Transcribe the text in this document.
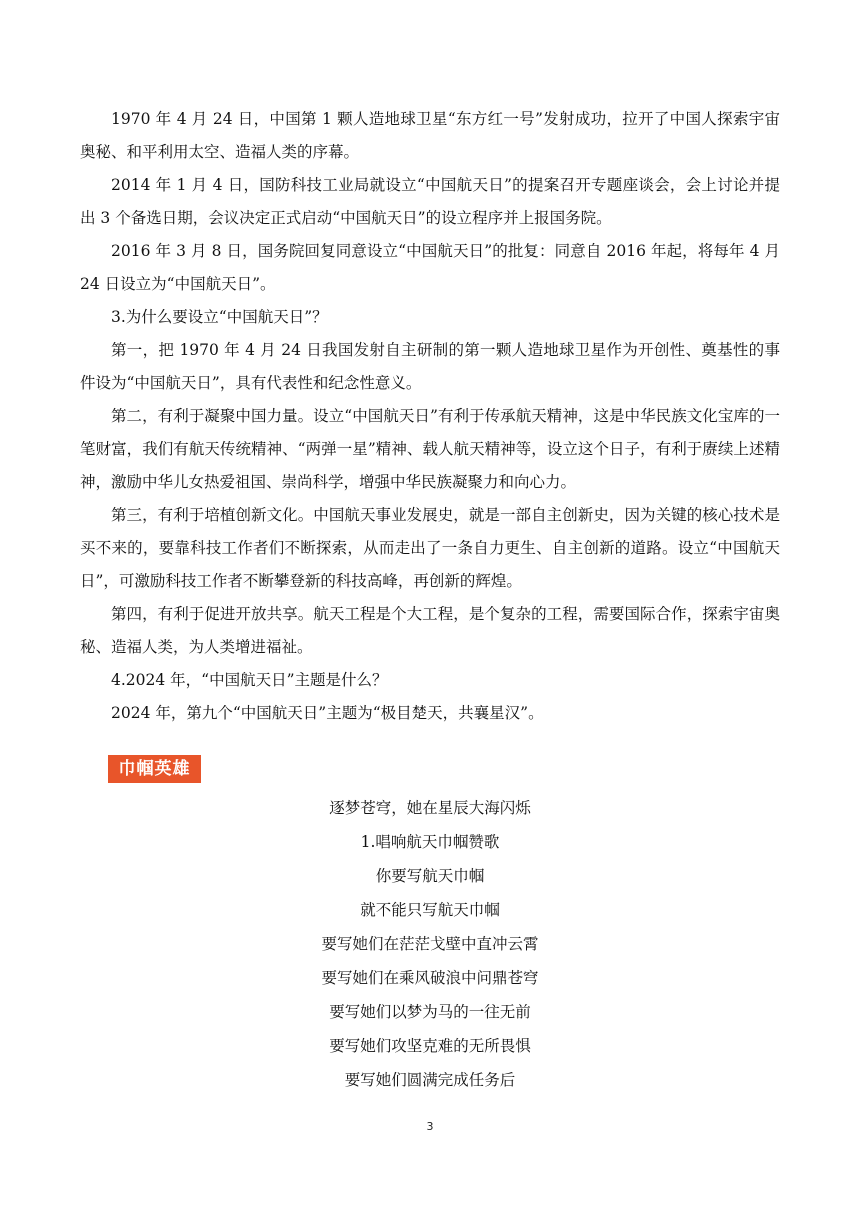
1970 年 4 月 24 日，中国第 1 颗人造地球卫星“东方红一号”发射成功，拉开了中国人探索宇宙奥秘、和平利用太空、造福人类的序幕。

2014 年 1 月 4 日，国防科技工业局就设立“中国航天日”的提案召开专题座谈会，会上讨论并提出 3 个备选日期，会议决定正式启动“中国航天日”的设立程序并上报国务院。

2016 年 3 月 8 日，国务院回复同意设立“中国航天日”的批复：同意自 2016 年起，将每年 4 月 24 日设立为“中国航天日”。

3.为什么要设立“中国航天日”？

第一，把 1970 年 4 月 24 日我国发射自主研制的第一颗人造地球卫星作为开创性、奠基性的事件设为“中国航天日”，具有代表性和纪念性意义。

第二，有利于凝聚中国力量。设立“中国航天日”有利于传承航天精神，这是中华民族文化宝库的一笔财富，我们有航天传统精神、“两弹一星”精神、载人航天精神等，设立这个日子，有利于赓续上述精神，激励中华儿女热爱祖国、崇尚科学，增强中华民族凝聚力和向心力。

第三，有利于培植创新文化。中国航天事业发展史，就是一部自主创新史，因为关键的核心技术是买不来的，要靠科技工作者们不断探索，从而走出了一条自力更生、自主创新的道路。设立“中国航天日”，可激励科技工作者不断攀登新的科技高峰，再创新的辉煌。

第四，有利于促进开放共享。航天工程是个大工程，是个复杂的工程，需要国际合作，探索宇宙奥秘、造福人类，为人类增进福祉。

4.2024 年，“中国航天日”主题是什么？

2024 年，第九个“中国航天日”主题为“极目楚天，共襄星汉”。

巾帼英雄

逐梦苍穹，她在星辰大海闪烁

1.唱响航天巾帼赞歌

你要写航天巾帼

就不能只写航天巾帼

要写她们在茫茫戈壁中直冲云霄

要写她们在乘风破浪中问鼎苍穹

要写她们以梦为马的一往无前

要写她们攻坚克难的无所畏惧

要写她们圆满完成任务后

3
